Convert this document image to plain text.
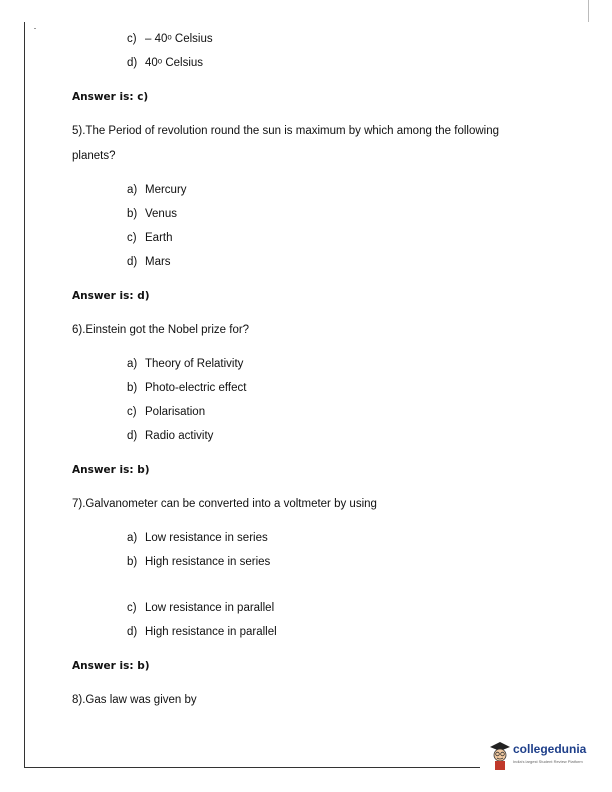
c) – 40ᵒ Celsius
d) 40ᵒ Celsius
Answer is: c)
5).The Period of revolution round the sun is maximum by which among the following
planets?
a) Mercury
b) Venus
c) Earth
d) Mars
Answer is: d)
6).Einstein got the Nobel prize for?
a) Theory of Relativity
b) Photo-electric effect
c) Polarisation
d) Radio activity
Answer is: b)
7).Galvanometer can be converted into a voltmeter by using
a) Low resistance in series
b) High resistance in series
c) Low resistance in parallel
d) High resistance in parallel
Answer is: b)
8).Gas law was given by
collegedunia
India's largest Student Review Platform
